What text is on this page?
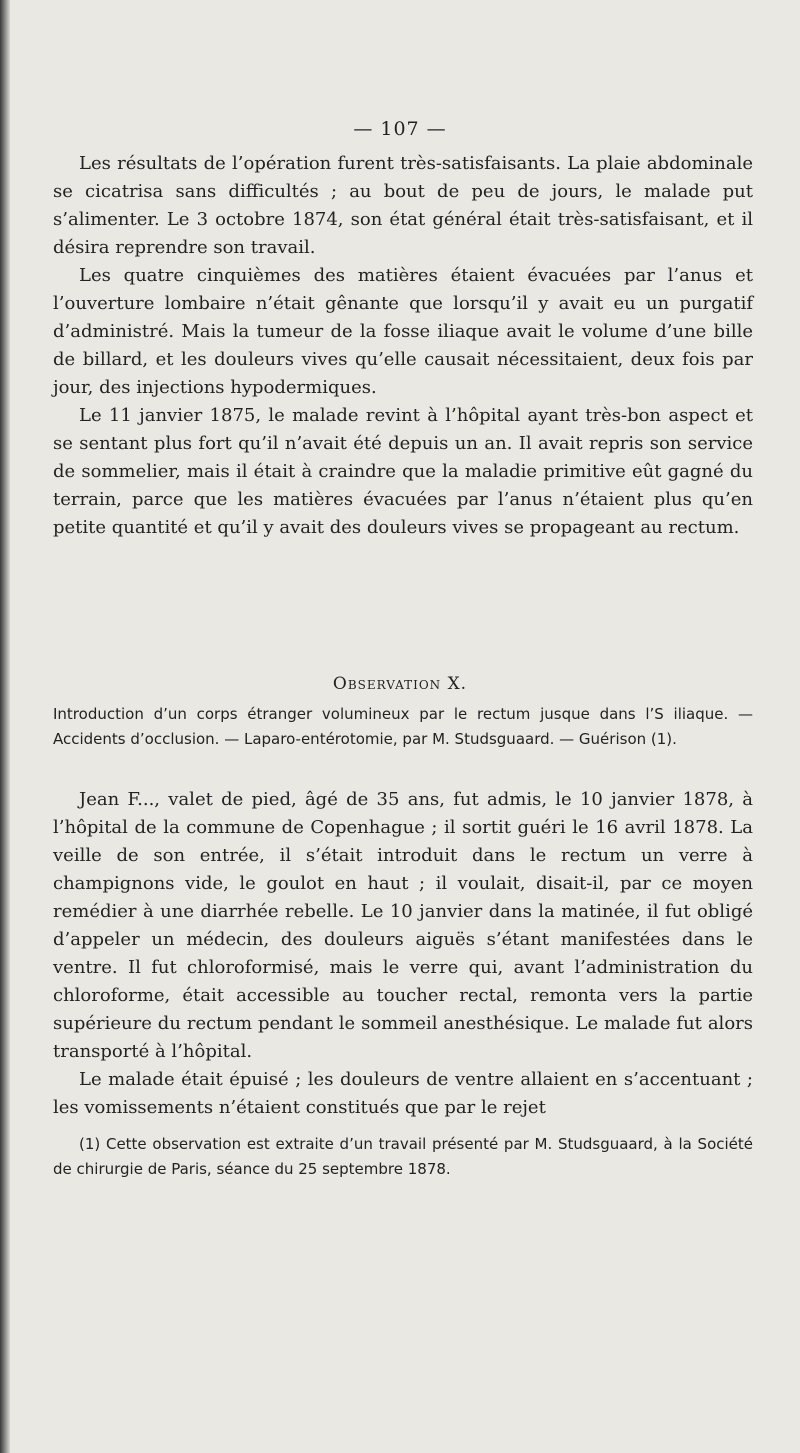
— 107 —

Les résultats de l’opération furent très-satisfaisants. La plaie abdominale se cicatrisa sans difficultés ; au bout de peu de jours, le malade put s’alimenter. Le 3 octobre 1874, son état général était très-satisfaisant, et il désira reprendre son travail.

Les quatre cinquièmes des matières étaient évacuées par l’anus et l’ouverture lombaire n’était gênante que lorsqu’il y avait eu un purgatif d’administré. Mais la tumeur de la fosse iliaque avait le volume d’une bille de billard, et les douleurs vives qu’elle causait nécessitaient, deux fois par jour, des injections hypodermiques.

Le 11 janvier 1875, le malade revint à l’hôpital ayant très-bon aspect et se sentant plus fort qu’il n’avait été depuis un an. Il avait repris son service de sommelier, mais il était à craindre que la maladie primitive eût gagné du terrain, parce que les matières évacuées par l’anus n’étaient plus qu’en petite quantité et qu’il y avait des douleurs vives se propageant au rectum.

Observation X.

Introduction d’un corps étranger volumineux par le rectum jusque dans l’S iliaque. — Accidents d’occlusion. — Laparo-entérotomie, par M. Studsguaard. — Guérison (1).

Jean F..., valet de pied, âgé de 35 ans, fut admis, le 10 janvier 1878, à l’hôpital de la commune de Copenhague ; il sortit guéri le 16 avril 1878. La veille de son entrée, il s’était introduit dans le rectum un verre à champignons vide, le goulot en haut ; il voulait, disait-il, par ce moyen remédier à une diarrhée rebelle. Le 10 janvier dans la matinée, il fut obligé d’appeler un médecin, des douleurs aiguës s’étant manifestées dans le ventre. Il fut chloroformisé, mais le verre qui, avant l’administration du chloroforme, était accessible au toucher rectal, remonta vers la partie supérieure du rectum pendant le sommeil anesthésique. Le malade fut alors transporté à l’hôpital.

Le malade était épuisé ; les douleurs de ventre allaient en s’accentuant ; les vomissements n’étaient constitués que par le rejet

(1) Cette observation est extraite d’un travail présenté par M. Studsguaard, à la Société de chirurgie de Paris, séance du 25 septembre 1878.
